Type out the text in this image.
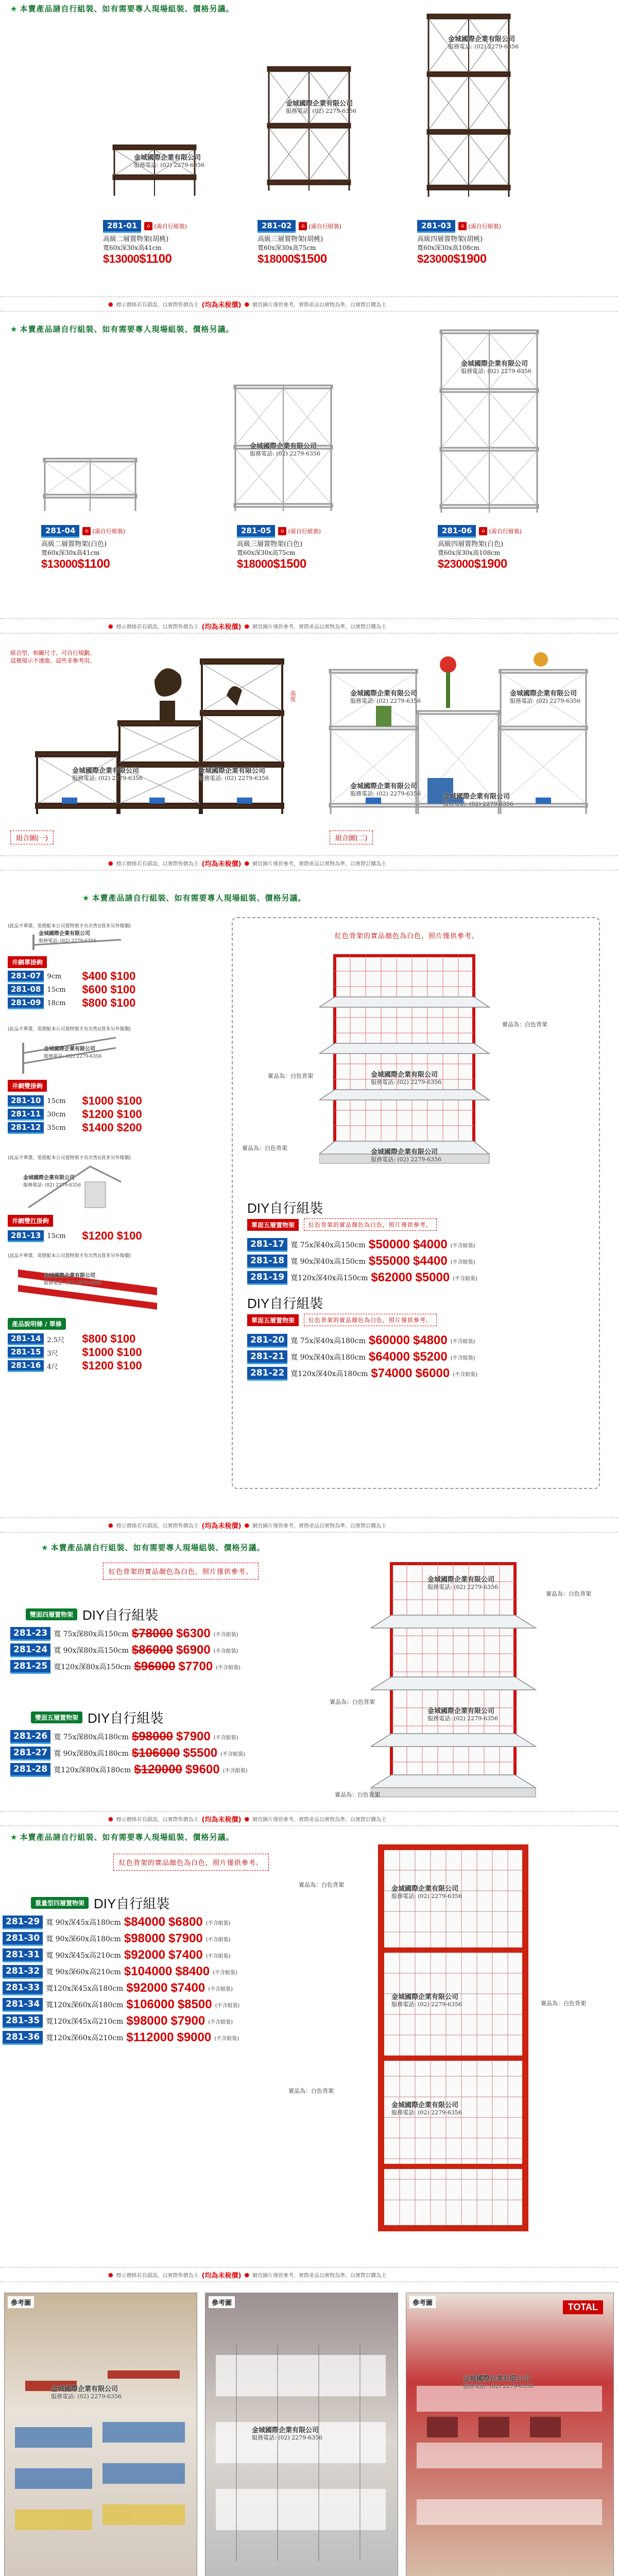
★ 本賣產品請自行組裝、如有需要專人現場組裝、價格另議。
金城國際企業有限公司
服務電話: (02) 2279-6356
金城國際企業有限公司
服務電話: (02) 2279-6356
金城國際企業有限公司
服務電話: (02) 2279-6356
281-01	⌂ (需自行組裝)
高級二層置物架(胡桃)
寬60x深30x高41cm
$13000$1100
281-02	⌂ (需自行組裝)
高級三層置物架(胡桃)
寬60x深30x高75cm
$18000$1500
281-03	⌂ (需自行組裝)
高級四層置物架(胡桃)
寬60x深30x高108cm
$23000$1900
● 標示價格若有錯誤，以實際售價為主 (均為未稅價) ● 網頁圖片僅供參考，實際產品以實物為準，以實際訂購為主
★ 本賣產品請自行組裝、如有需要專人現場組裝、價格另議。
金城國際企業有限公司
服務電話: (02) 2279-6356
金城國際企業有限公司
服務電話: (02) 2279-6356
281-04	⌂ (需自行組裝)
高級二層置物架(白色)
寬60x深30x高41cm
$13000$1100
281-05	⌂ (需自行組裝)
高級三層置物架(白色)
寬60x深30x高75cm
$18000$1500
281-06	⌂ (需自行組裝)
高級四層置物架(白色)
寬60x深30x高108cm
$23000$1900
● 標示價格若有錯誤，以實際售價為主 (均為未稅價) ● 網頁圖片僅供參考，實際產品以實物為準，以實際訂購為主
組合型、相關尺寸、可自行規劃、這裡現示不透進、這些非參考用。
金城國際企業有限公司
服務電話: (02) 2279-6356
金城國際企業有限公司
服務電話: (02) 2279-6356
高度
組合圖(一)
金城國際企業有限公司
服務電話: (02) 2279-6356
金城國際企業有限公司
服務電話: (02) 2279-6356
金城國際企業有限公司
服務電話: (02) 2279-6356	金城國際企業有限公司
服務電話: (02) 2279-6356
組合圖(二)
● 標示價格若有錯誤，以實際售價為主 (均為未稅價) ● 網頁圖片僅供參考，實際產品以實物為準，以實際訂購為主
★ 本賣產品請自行組裝、如有需要專人現場組裝、價格另議。
(此品不單賣，需搭配本公司置物架才有出售)(買多另外報價)
金城國際企業有限公司
服務電話: (02) 2279-6356
井網單掛鉤
281-07 9cm	$400 $100
281-08 15cm	$600 $100
281-09 18cm	$800 $100
(此品不單賣，需搭配本公司置物架才有出售)(買多另外報價)
金城國際企業有限公司
服務電話: (02) 2279-6356
井網雙掛鉤
281-10 15cm	$1000 $100
281-11 30cm	$1200 $100
281-12 35cm	$1400 $200
(此品不單賣，需搭配本公司置物架才有出售)(買多另外報價)
金城國際企業有限公司
服務電話: (02) 2279-6356
井網雙扛掛鉤
281-13 15cm	$1200 $100
(此品不單賣，需搭配本公司置物架才有出售)(買多另外報價)
金城國際企業有限公司
服務電話: (02) 2279-6356
產品說明條 / 單條
281-14 2.5尺	$800 $100
281-15 3尺	$1000 $100
281-16 4尺	$1200 $100
紅色背架的實品顏色為白色，照片僅供參考。
金城國際企業有限公司
服務電話: (02) 2279-6356
金城國際企業有限公司
服務電話: (02) 2279-6356
實品為：白色背架
實品為：白色背架
實品為：白色背架
DIY自行組裝
單面五層置物架	紅色背架的實品顏色為白色，照片僅供參考。
281-17 寬 75x深40x高150cm $50000 $4000 (不含組裝)
281-18 寬 90x深40x高150cm $55000 $4400 (不含組裝)
281-19 寬120x深40x高150cm $62000 $5000 (不含組裝)
DIY自行組裝
單面五層置物架	紅色背架的實品顏色為白色，照片僅供參考。
281-20 寬 75x深40x高180cm $60000 $4800 (不含組裝)
281-21 寬 90x深40x高180cm $64000 $5200 (不含組裝)
281-22 寬120x深40x高180cm $74000 $6000 (不含組裝)
● 標示價格若有錯誤，以實際售價為主 (均為未稅價) ● 網頁圖片僅供參考，實際產品以實物為準，以實際訂購為主
★ 本賣產品請自行組裝、如有需要專人現場組裝、價格另議。
紅色背架的實品顏色為白色，照片僅供參考。
雙面四層置物架 DIY自行組裝
281-23 寬 75x深80x高150cm $78000 $6300 (不含組裝)
281-24 寬 90x深80x高150cm $86000 $6900 (不含組裝)
281-25 寬120x深80x高150cm $96000 $7700 (不含組裝)
雙面五層置物架 DIY自行組裝
281-26 寬 75x深80x高180cm $98000 $7900 (不含組裝)
281-27 寬 90x深80x高180cm $106000 $5500 (不含組裝)
281-28 寬120x深80x高180cm $120000 $9600 (不含組裝)
金城國際企業有限公司
服務電話: (02) 2279-6356
金城國際企業有限公司
服務電話: (02) 2279-6356
實品為：白色背架
實品為：白色背架
實品為：白色背架
● 標示價格若有錯誤，以實際售價為主 (均為未稅價) ● 網頁圖片僅供參考，實際產品以實物為準，以實際訂購為主
★ 本賣產品請自行組裝、如有需要專人現場組裝、價格另議。
紅色背架的實品顏色為白色，照片僅供參考。
重量型四層置物架 DIY自行組裝
281-29 寬 90x深45x高180cm $84000 $6800 (不含組裝)
281-30 寬 90x深60x高180cm $98000 $7900 (不含組裝)
281-31 寬 90x深45x高210cm $92000 $7400 (不含組裝)
281-32 寬 90x深60x高210cm $104000 $8400 (不含組裝)
281-33 寬120x深45x高180cm $92000 $7400 (不含組裝)
281-34 寬120x深60x高180cm $106000 $8500 (不含組裝)
281-35 寬120x深45x高210cm $98000 $7900 (不含組裝)
281-36 寬120x深60x高210cm $112000 $9000 (不含組裝)
金城國際企業有限公司
服務電話: (02) 2279-6356
金城國際企業有限公司
服務電話: (02) 2279-6356
金城國際企業有限公司
服務電話: (02) 2279-6356
實品為：白色背架
實品為：白色背架
實品為：白色背架
● 標示價格若有錯誤，以實際售價為主 (均為未稅價) ● 網頁圖片僅供參考，實際產品以實物為準，以實際訂購為主
參考圖
金城國際企業有限公司
服務電話: (02) 2279-6356
參考圖
金城國際企業有限公司
服務電話: (02) 2279-6356
參考圖	TOTAL
金城國際企業有限公司
服務電話: (02) 2279-6356
